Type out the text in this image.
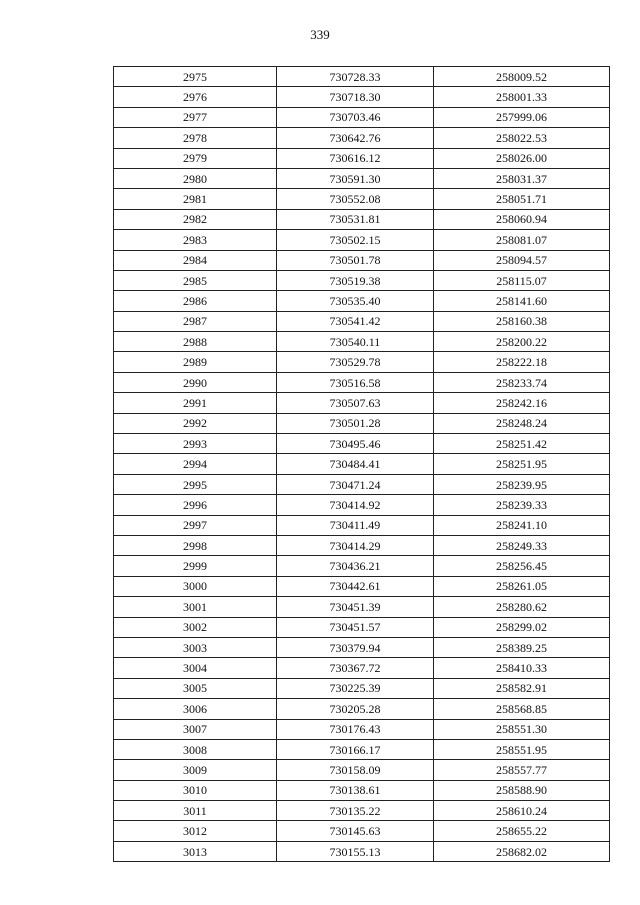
339
2975	730728.33	258009.52
2976	730718.30	258001.33
2977	730703.46	257999.06
2978	730642.76	258022.53
2979	730616.12	258026.00
2980	730591.30	258031.37
2981	730552.08	258051.71
2982	730531.81	258060.94
2983	730502.15	258081.07
2984	730501.78	258094.57
2985	730519.38	258115.07
2986	730535.40	258141.60
2987	730541.42	258160.38
2988	730540.11	258200.22
2989	730529.78	258222.18
2990	730516.58	258233.74
2991	730507.63	258242.16
2992	730501.28	258248.24
2993	730495.46	258251.42
2994	730484.41	258251.95
2995	730471.24	258239.95
2996	730414.92	258239.33
2997	730411.49	258241.10
2998	730414.29	258249.33
2999	730436.21	258256.45
3000	730442.61	258261.05
3001	730451.39	258280.62
3002	730451.57	258299.02
3003	730379.94	258389.25
3004	730367.72	258410.33
3005	730225.39	258582.91
3006	730205.28	258568.85
3007	730176.43	258551.30
3008	730166.17	258551.95
3009	730158.09	258557.77
3010	730138.61	258588.90
3011	730135.22	258610.24
3012	730145.63	258655.22
3013	730155.13	258682.02
